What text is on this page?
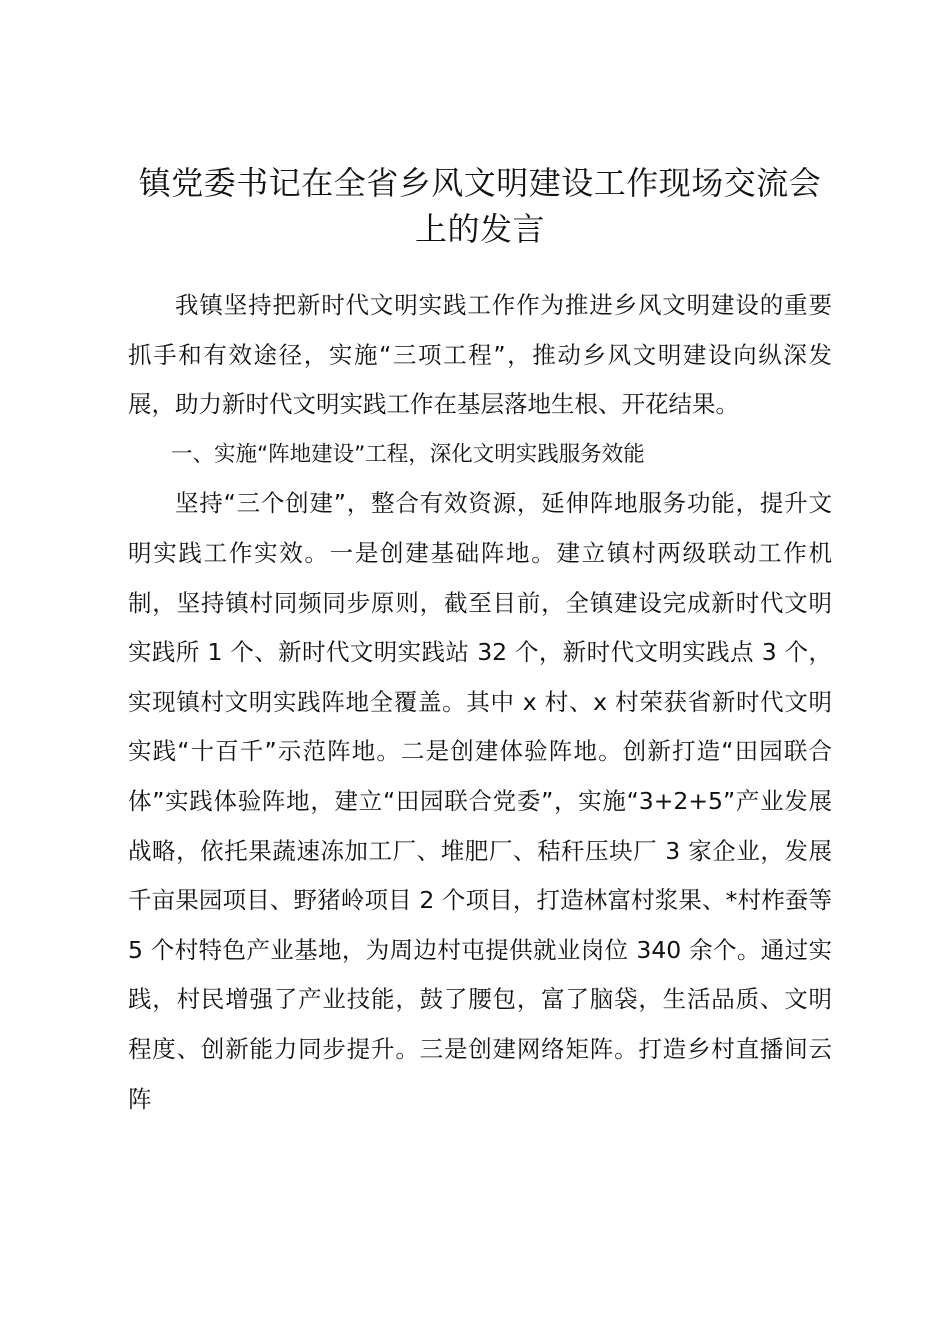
镇党委书记在全省乡风文明建设工作现场交流会上的发言

我镇坚持把新时代文明实践工作作为推进乡风文明建设的重要抓手和有效途径，实施“三项工程”，推动乡风文明建设向纵深发展，助力新时代文明实践工作在基层落地生根、开花结果。

一、实施“阵地建设”工程，深化文明实践服务效能

坚持“三个创建”，整合有效资源，延伸阵地服务功能，提升文明实践工作实效。一是创建基础阵地。建立镇村两级联动工作机制，坚持镇村同频同步原则，截至目前，全镇建设完成新时代文明实践所 1 个、新时代文明实践站 32 个，新时代文明实践点 3 个，实现镇村文明实践阵地全覆盖。其中 x 村、x 村荣获省新时代文明实践“十百千”示范阵地。二是创建体验阵地。创新打造“田园联合体”实践体验阵地，建立“田园联合党委”，实施“3+2+5”产业发展战略，依托果蔬速冻加工厂、堆肥厂、秸秆压块厂 3 家企业，发展千亩果园项目、野猪岭项目 2 个项目，打造林富村浆果、*村柞蚕等 5 个村特色产业基地，为周边村屯提供就业岗位 340 余个。通过实践，村民增强了产业技能，鼓了腰包，富了脑袋，生活品质、文明程度、创新能力同步提升。三是创建网络矩阵。打造乡村直播间云阵
